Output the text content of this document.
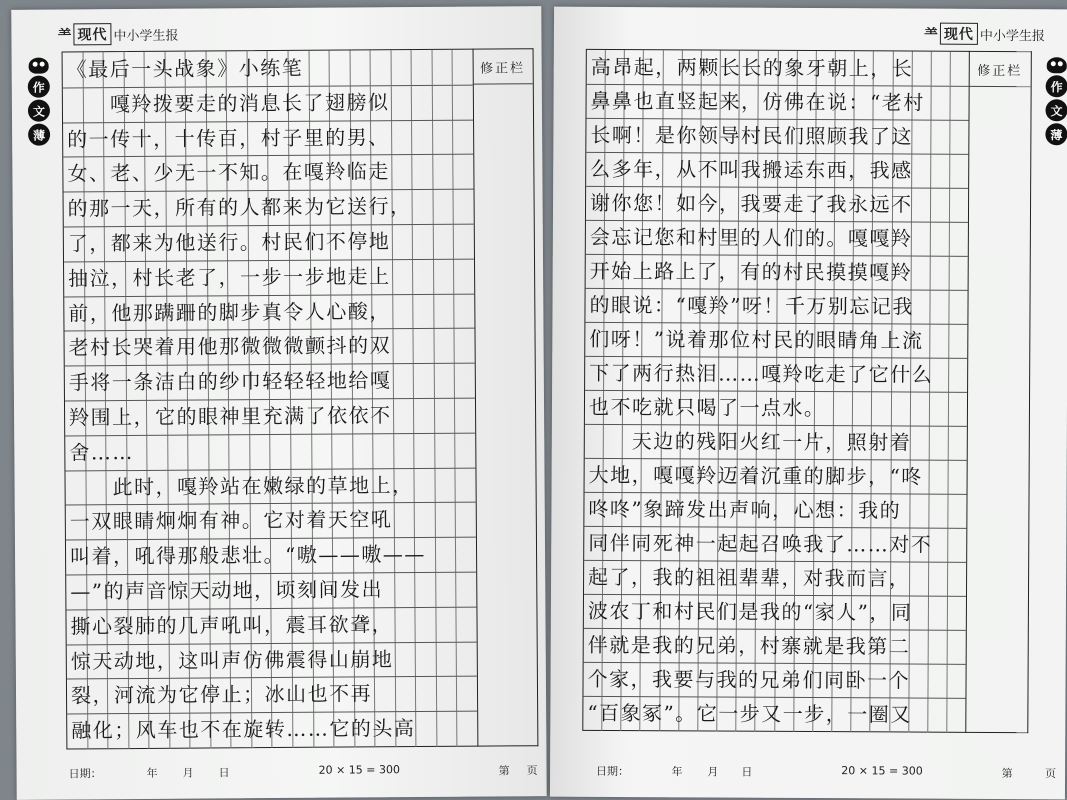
⺷ 现代 中小学生报
作
文
薄
《最后一头战象》小练笔
　　嘎羚拨要走的消息长了翅膀似
的一传十，十传百，村子里的男、
女、老、少无一不知。在嘎羚临走
的那一天，所有的人都来为它送行，
了，都来为他送行。村民们不停地
抽泣，村长老了，一步一步地走上
前，他那蹒跚的脚步真令人心酸，
老村长哭着用他那微微微颤抖的双
手将一条洁白的纱巾轻轻轻地给嘎
羚围上，它的眼神里充满了依依不
舍……
　　此时，嘎羚站在嫩绿的草地上，
一双眼睛炯炯有神。它对着天空吼
叫着，吼得那般悲壮。“嗷——嗷——
—”的声音惊天动地，顷刻间发出
撕心裂肺的几声吼叫，震耳欲聋，
惊天动地，这叫声仿佛震得山崩地
裂，河流为它停止；冰山也不再
融化；风车也不在旋转……它的头高
修正栏
日期：	年	月	日	20 × 15 = 300	第	页
⺷ 现代 中小学生报
作
文
薄
高昂起，两颗长长的象牙朝上，长
鼻鼻也直竖起来，仿佛在说：“老村
长啊！是你领导村民们照顾我了这
么多年，从不叫我搬运东西，我感
谢你您！如今，我要走了我永远不
会忘记您和村里的人们的。嘎嘎羚
开始上路上了，有的村民摸摸嘎羚
的眼说：“嘎羚”呀！千万别忘记我
们呀！”说着那位村民的眼睛角上流
下了两行热泪……嘎羚吃走了它什么
也不吃就只喝了一点水。
　　天边的残阳火红一片，照射着
大地，嘎嘎羚迈着沉重的脚步，“咚
咚咚”象蹄发出声响，心想：我的
同伴同死神一起起召唤我了……对不
起了，我的祖祖辈辈，对我而言，
波农丁和村民们是我的“家人”，同
伴就是我的兄弟，村寨就是我第二
个家，我要与我的兄弟们同卧一个
“百象冢”。它一步又一步，一圈又
修正栏
日期：	年	月	日	20 × 15 = 300	第	页
